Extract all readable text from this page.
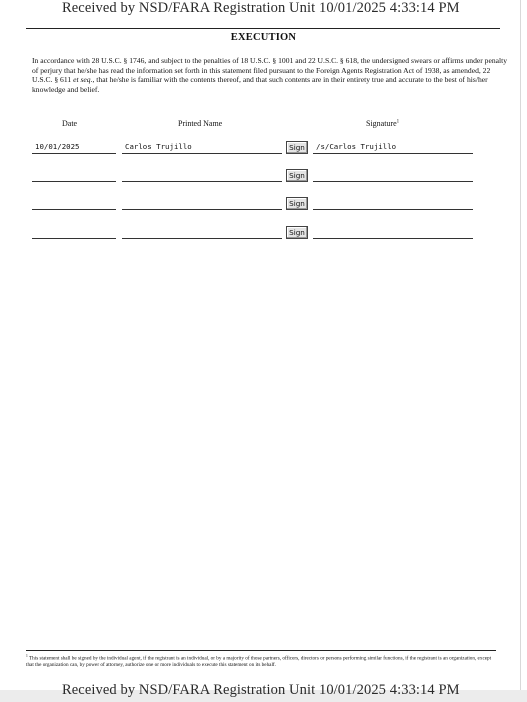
Received by NSD/FARA Registration Unit 10/01/2025 4:33:14 PM
EXECUTION
In accordance with 28 U.S.C. § 1746, and subject to the penalties of 18 U.S.C. § 1001 and 22 U.S.C. § 618, the undersigned swears or affirms under penalty of perjury that he/she has read the information set forth in this statement filed pursuant to the Foreign Agents Registration Act of 1938, as amended, 22 U.S.C. § 611 et seq., that he/she is familiar with the contents thereof, and that such contents are in their entirety true and accurate to the best of his/her knowledge and belief.
Date	Printed Name	Signature$^1$
10/01/2025	Carlos Trujillo	Sign	/s/Carlos Trujillo
Sign
Sign
Sign
$^1$ This statement shall be signed by the individual agent, if the registrant is an individual, or by a majority of those partners, officers, directors or persons performing similar functions, if the registrant is an organization, except that the organization can, by power of attorney, authorize one or more individuals to execute this statement on its behalf.
Received by NSD/FARA Registration Unit 10/01/2025 4:33:14 PM
